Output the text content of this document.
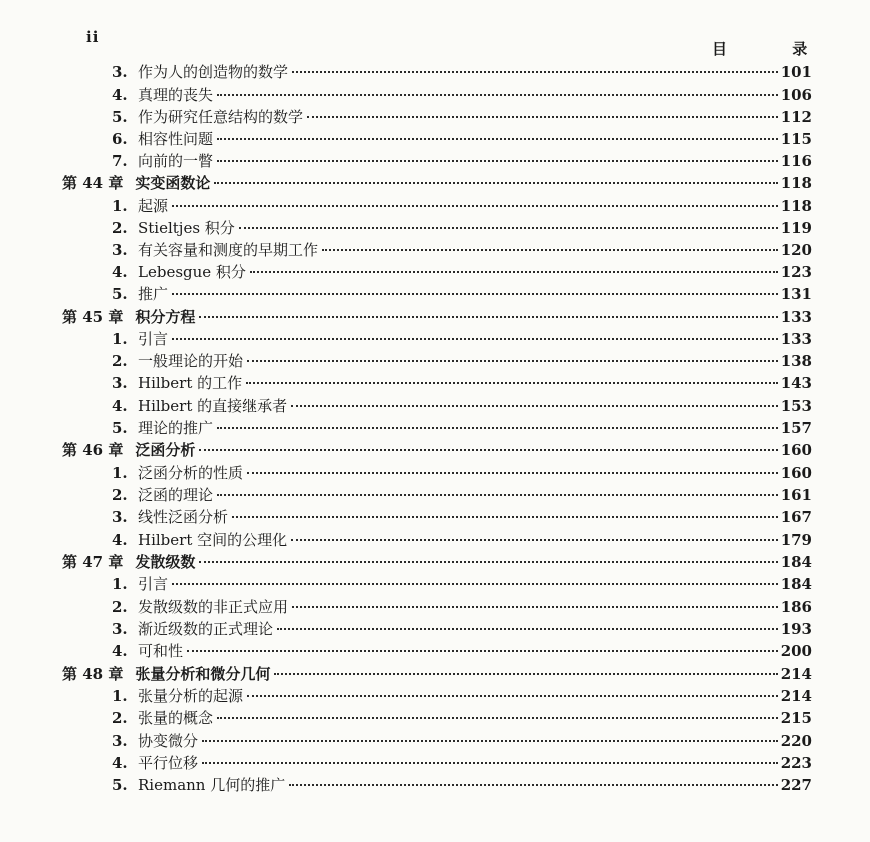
ii
目 录
3. 作为人的创造物的数学	101
4. 真理的丧失	106
5. 作为研究任意结构的数学	112
6. 相容性问题	115
7. 向前的一瞥	116
第 44 章 实变函数论	118
1. 起源	118
2. Stieltjes 积分	119
3. 有关容量和测度的早期工作	120
4. Lebesgue 积分	123
5. 推广	131
第 45 章 积分方程	133
1. 引言	133
2. 一般理论的开始	138
3. Hilbert 的工作	143
4. Hilbert 的直接继承者	153
5. 理论的推广	157
第 46 章 泛函分析	160
1. 泛函分析的性质	160
2. 泛函的理论	161
3. 线性泛函分析	167
4. Hilbert 空间的公理化	179
第 47 章 发散级数	184
1. 引言	184
2. 发散级数的非正式应用	186
3. 渐近级数的正式理论	193
4. 可和性	200
第 48 章 张量分析和微分几何	214
1. 张量分析的起源	214
2. 张量的概念	215
3. 协变微分	220
4. 平行位移	223
5. Riemann 几何的推广	227
